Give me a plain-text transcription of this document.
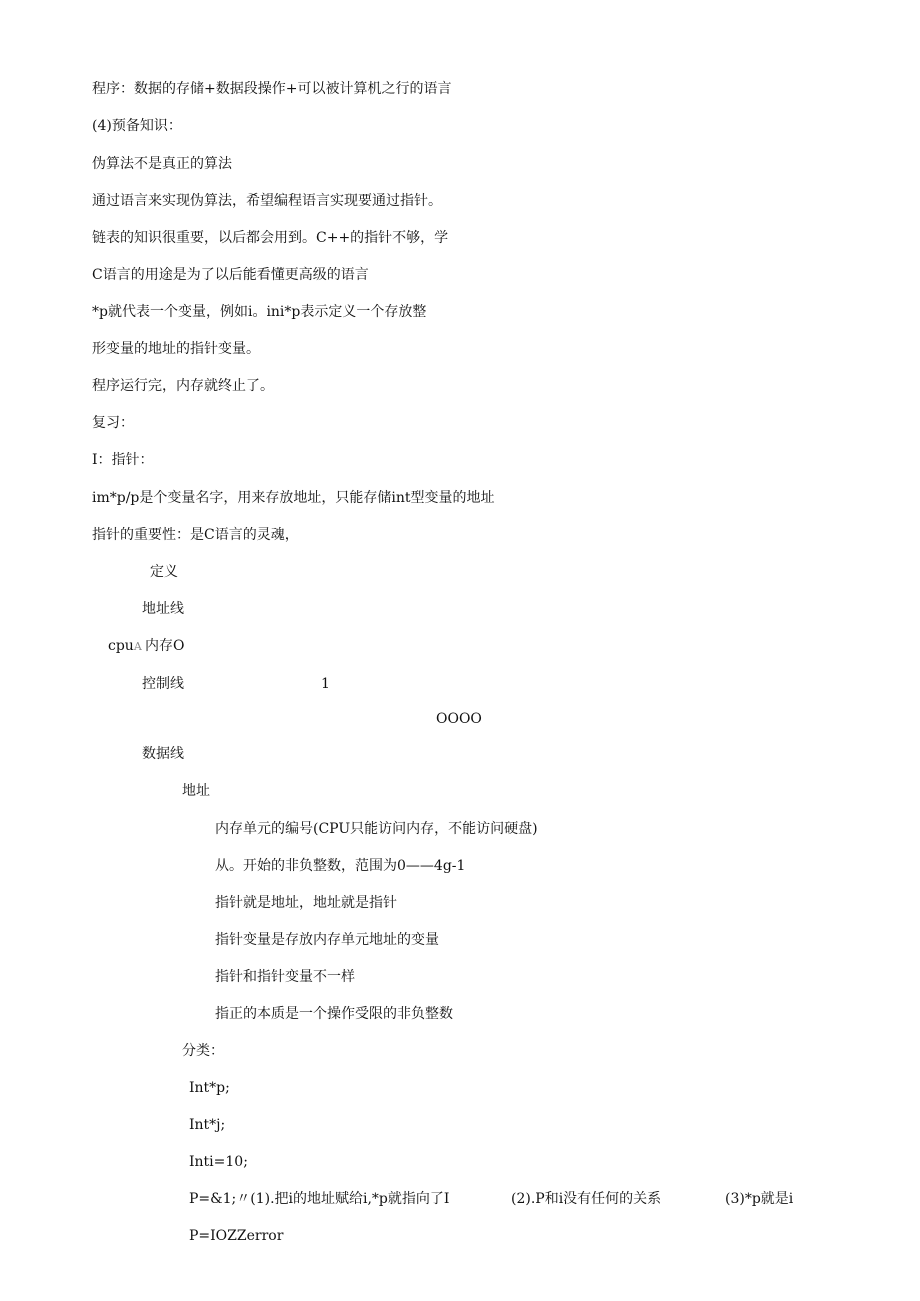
程序：数据的存储+数据段操作+可以被计算机之行的语言
(4)预备知识：
伪算法不是真正的算法
通过语言来实现伪算法，希望编程语言实现要通过指针。
链表的知识很重要，以后都会用到。C++的指针不够，学
C语言的用途是为了以后能看懂更高级的语言
*p就代表一个变量，例如i。ini*p表示定义一个存放整
形变量的地址的指针变量。
程序运行完，内存就终止了。
复习：
I：指针：
im*p∕p是个变量名字，用来存放地址，只能存储int型变量的地址
指针的重要性：是C语言的灵魂，
定义
地址线
cpuA 内存O
控制线	1
OOOO
数据线
地址
内存单元的编号(CPU只能访问内存，不能访问硬盘)
从。开始的非负整数，范围为0——4g-1
指针就是地址，地址就是指针
指针变量是存放内存单元地址的变量
指针和指针变量不一样
指正的本质是一个操作受限的非负整数
分类：
Int*p;
Int*j;
Inti=10;
P=&1;〃(1).把i的地址赋给i,*p就指向了I	(2).P和i没有任何的关系	(3)*p就是i
P=IOZZerror
